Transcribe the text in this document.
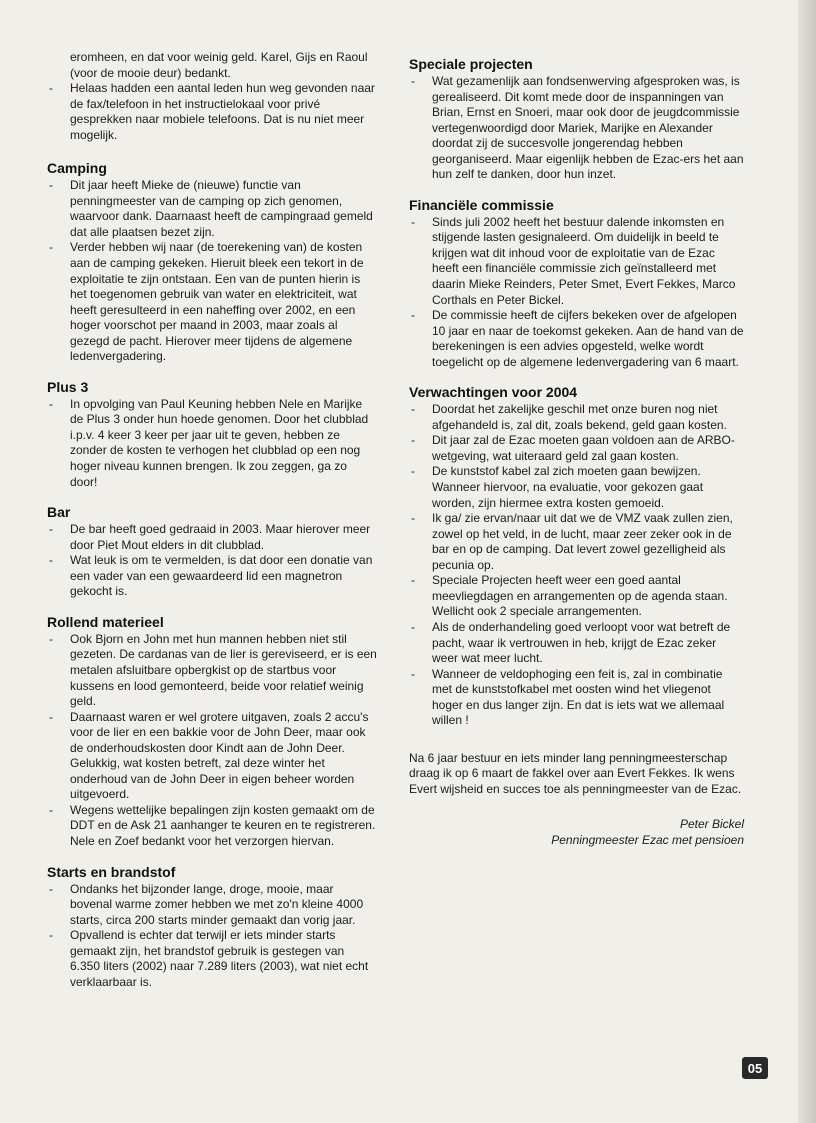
eromheen, en dat voor weinig geld. Karel, Gijs en Raoul (voor de mooie deur) bedankt.
- Helaas hadden een aantal leden hun weg gevonden naar de fax/telefoon in het instructielokaal voor privé gesprekken naar mobiele telefoons. Dat is nu niet meer mogelijk.
Camping
- Dit jaar heeft Mieke de (nieuwe) functie van penningmeester van de camping op zich genomen, waarvoor dank. Daarnaast heeft de campingraad gemeld dat alle plaatsen bezet zijn.
- Verder hebben wij naar (de toerekening van) de kosten aan de camping gekeken. Hieruit bleek een tekort in de exploitatie te zijn ontstaan. Een van de punten hierin is het toegenomen gebruik van water en elektriciteit, wat heeft geresulteerd in een naheffing over 2002, en een hoger voorschot per maand in 2003, maar zoals al gezegd de pacht. Hierover meer tijdens de algemene ledenvergadering.
Plus 3
- In opvolging van Paul Keuning hebben Nele en Marijke de Plus 3 onder hun hoede genomen. Door het clubblad i.p.v. 4 keer 3 keer per jaar uit te geven, hebben ze zonder de kosten te verhogen het clubblad op een nog hoger niveau kunnen brengen. Ik zou zeggen, ga zo door!
Bar
- De bar heeft goed gedraaid in 2003. Maar hierover meer door Piet Mout elders in dit clubblad.
- Wat leuk is om te vermelden, is dat door een donatie van een vader van een gewaardeerd lid een magnetron gekocht is.
Rollend materieel
- Ook Bjorn en John met hun mannen hebben niet stil gezeten. De cardanas van de lier is gereviseerd, er is een metalen afsluitbare opbergkist op de startbus voor kussens en lood gemonteerd, beide voor relatief weinig geld.
- Daarnaast waren er wel grotere uitgaven, zoals 2 accu's voor de lier en een bakkie voor de John Deer, maar ook de onderhoudskosten door Kindt aan de John Deer. Gelukkig, wat kosten betreft, zal deze winter het onderhoud van de John Deer in eigen beheer worden uitgevoerd.
- Wegens wettelijke bepalingen zijn kosten gemaakt om de DDT en de Ask 21 aanhanger te keuren en te registreren. Nele en Zoef bedankt voor het verzorgen hiervan.
Starts en brandstof
- Ondanks het bijzonder lange, droge, mooie, maar bovenal warme zomer hebben we met zo'n kleine 4000 starts, circa 200 starts minder gemaakt dan vorig jaar.
- Opvallend is echter dat terwijl er iets minder starts gemaakt zijn, het brandstof gebruik is gestegen van 6.350 liters (2002) naar 7.289 liters (2003), wat niet echt verklaarbaar is.
Speciale projecten
- Wat gezamenlijk aan fondsenwerving afgesproken was, is gerealiseerd. Dit komt mede door de inspanningen van Brian, Ernst en Snoeri, maar ook door de jeugdcommissie vertegenwoordigd door Mariek, Marijke en Alexander doordat zij de succesvolle jongerendag hebben georganiseerd. Maar eigenlijk hebben de Ezac-ers het aan hun zelf te danken, door hun inzet.
Financiële commissie
- Sinds juli 2002 heeft het bestuur dalende inkomsten en stijgende lasten gesignaleerd. Om duidelijk in beeld te krijgen wat dit inhoud voor de exploitatie van de Ezac heeft een financiële commissie zich geïnstalleerd met daarin Mieke Reinders, Peter Smet, Evert Fekkes, Marco Corthals en Peter Bickel.
- De commissie heeft de cijfers bekeken over de afgelopen 10 jaar en naar de toekomst gekeken. Aan de hand van de berekeningen is een advies opgesteld, welke wordt toegelicht op de algemene ledenvergadering van 6 maart.
Verwachtingen voor 2004
- Doordat het zakelijke geschil met onze buren nog niet afgehandeld is, zal dit, zoals bekend, geld gaan kosten.
- Dit jaar zal de Ezac moeten gaan voldoen aan de ARBO-wetgeving, wat uiteraard geld zal gaan kosten.
- De kunststof kabel zal zich moeten gaan bewijzen. Wanneer hiervoor, na evaluatie, voor gekozen gaat worden, zijn hiermee extra kosten gemoeid.
- Ik ga/ zie ervan/naar uit dat we de VMZ vaak zullen zien, zowel op het veld, in de lucht, maar zeer zeker ook in de bar en op de camping. Dat levert zowel gezelligheid als pecunia op.
- Speciale Projecten heeft weer een goed aantal meevliegdagen en arrangementen op de agenda staan. Wellicht ook 2 speciale arrangementen.
- Als de onderhandeling goed verloopt voor wat betreft de pacht, waar ik vertrouwen in heb, krijgt de Ezac zeker weer wat meer lucht.
- Wanneer de veldophoging een feit is, zal in combinatie met de kunststofkabel met oosten wind het vliegenot hoger en dus langer zijn. En dat is iets wat we allemaal willen !

Na 6 jaar bestuur en iets minder lang penningmeesterschap draag ik op 6 maart de fakkel over aan Evert Fekkes. Ik wens Evert wijsheid en succes toe als penningmeester van de Ezac.

Peter Bickel
Penningmeester Ezac met pensioen
05
